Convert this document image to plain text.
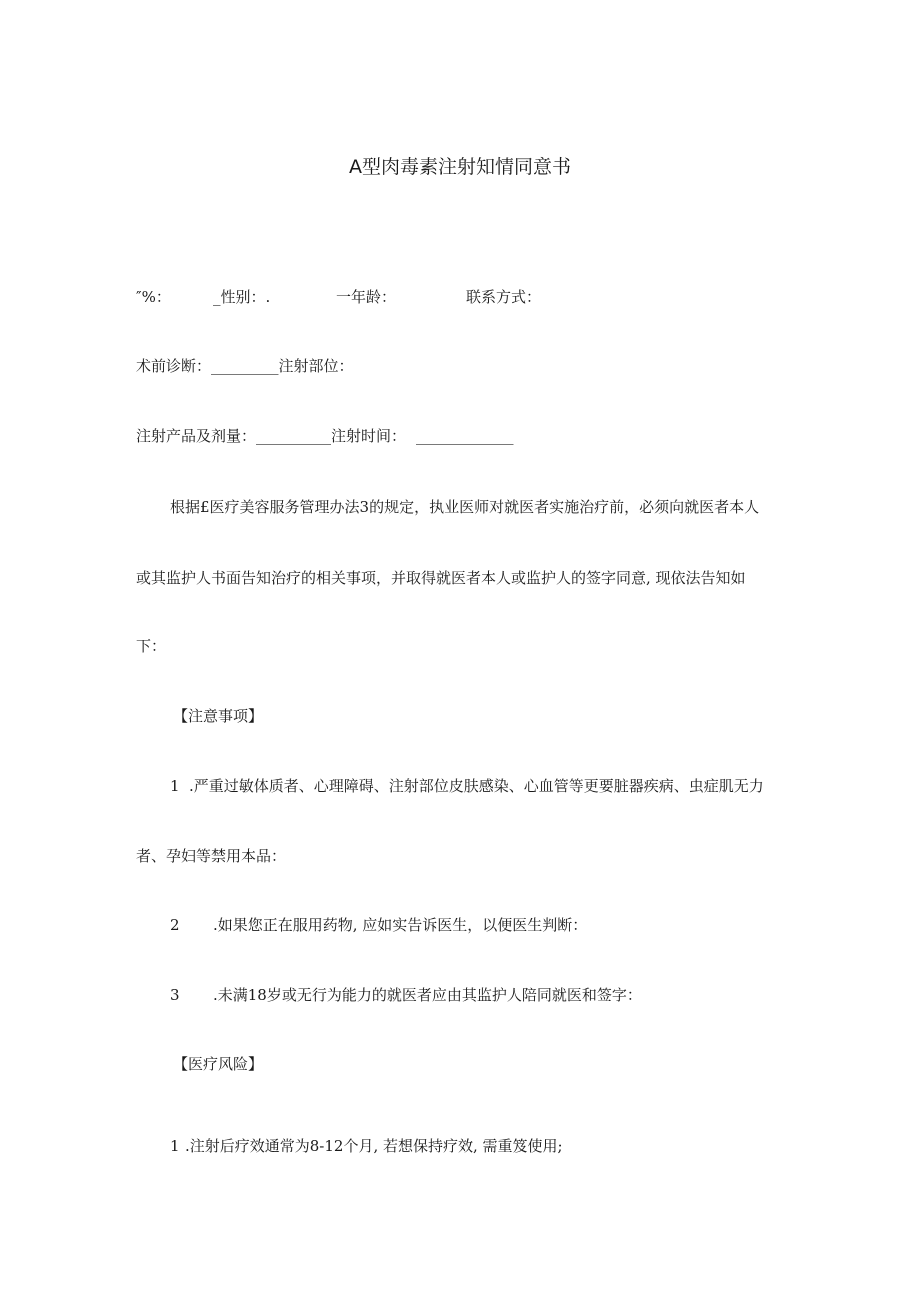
A型肉毒素注射知情同意书
″%：	_性别：.	一年龄：	联系方式：
术前诊断：_________注射部位：
注射产品及剂量：__________注射时间： _____________
根据£医疗美容服务管理办法3的规定，执业医师对就医者实施治疗前，必须向就医者本人
或其监护人书面告知治疗的相关事项，并取得就医者本人或监护人的签字同意, 现依法告知如
下：
【注意事项】
1 .严重过敏体质者、心理障碍、注射部位皮肤感染、心血管等更要脏器疾病、虫症肌无力
者、孕妇等禁用本品：
2 .如果您正在服用药物, 应如实告诉医生，以便医生判断：
3 .未满18岁或无行为能力的就医者应由其监护人陪同就医和签字：
【医疗风险】
1 .注射后疗效通常为8-12个月, 若想保持疗效, 需重笈使用;
